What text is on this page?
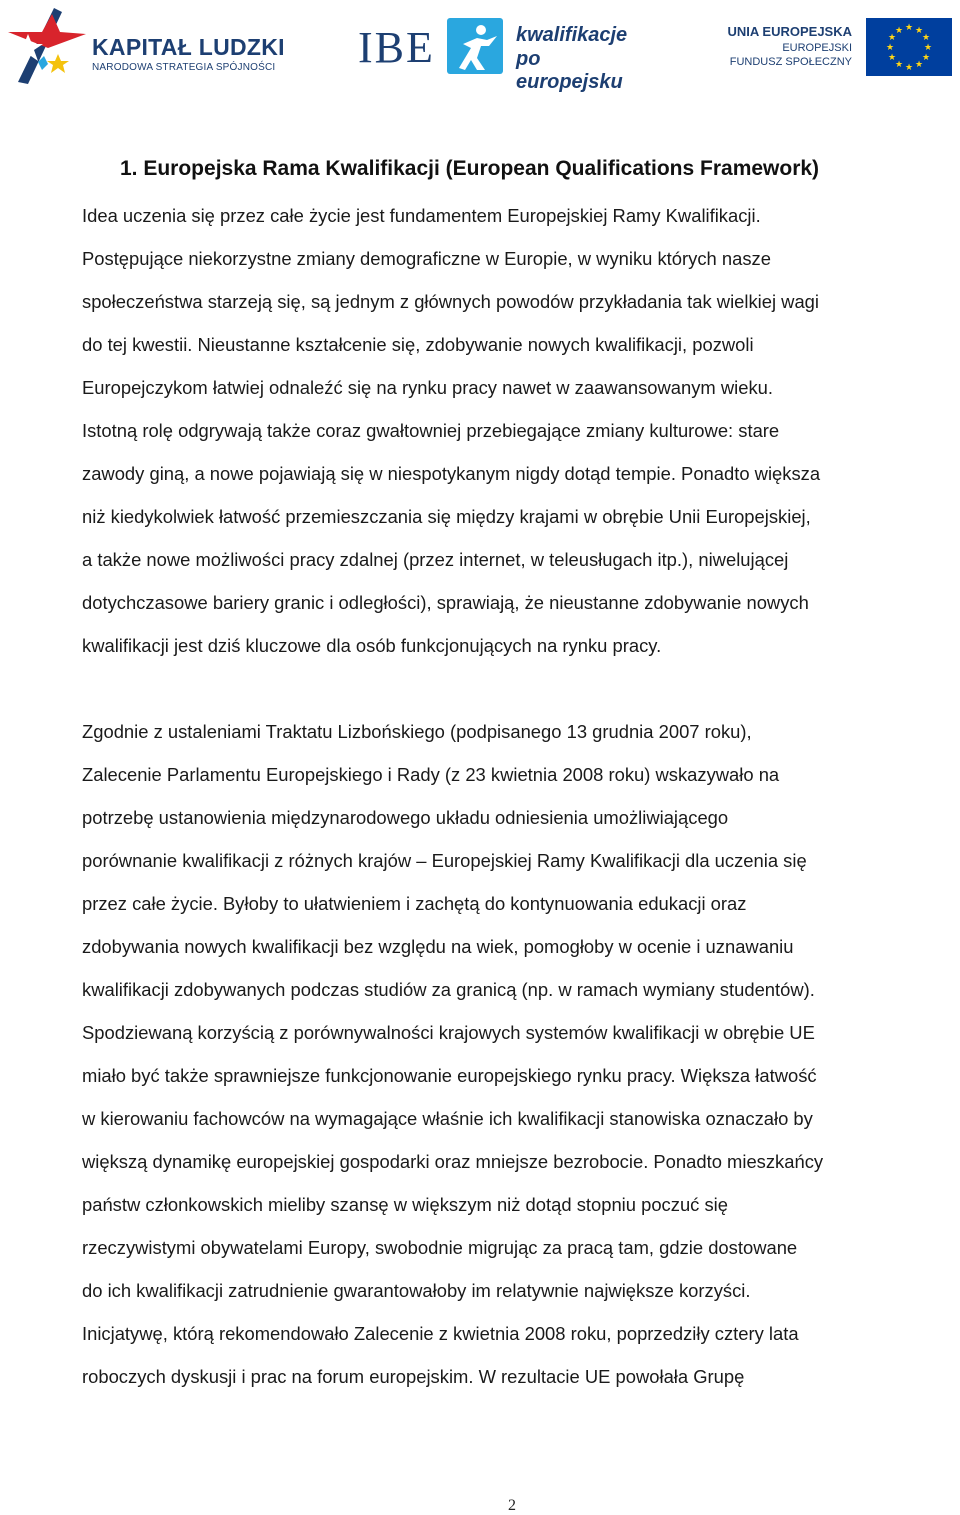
KAPITAŁ LUDZKI
NARODOWA STRATEGIA SPÓJNOŚCI IBE	kwalifikacje
po europejsku
UNIA EUROPEJSKA
EUROPEJSKI
FUNDUSZ SPOŁECZNY
★ ★
★
★
★
★
★
★
★
★
★
★
1. Europejska Rama Kwalifikacji (European Qualifications Framework)
Idea uczenia się przez całe życie jest fundamentem Europejskiej Ramy Kwalifikacji.
Postępujące niekorzystne zmiany demograficzne w Europie, w wyniku których nasze
społeczeństwa starzeją się, są jednym z głównych powodów przykładania tak wielkiej wagi
do tej kwestii. Nieustanne kształcenie się, zdobywanie nowych kwalifikacji, pozwoli
Europejczykom łatwiej odnaleźć się na rynku pracy nawet w zaawansowanym wieku.
Istotną rolę odgrywają także coraz gwałtowniej przebiegające zmiany kulturowe: stare
zawody giną, a nowe pojawiają się w niespotykanym nigdy dotąd tempie. Ponadto większa
niż kiedykolwiek łatwość przemieszczania się między krajami w obrębie Unii Europejskiej,
a także nowe możliwości pracy zdalnej (przez internet, w teleusługach itp.), niwelującej
dotychczasowe bariery granic i odległości), sprawiają, że nieustanne zdobywanie nowych
kwalifikacji jest dziś kluczowe dla osób funkcjonujących na rynku pracy.
Zgodnie z ustaleniami Traktatu Lizbońskiego (podpisanego 13 grudnia 2007 roku),
Zalecenie Parlamentu Europejskiego i Rady (z 23 kwietnia 2008 roku) wskazywało na
potrzebę ustanowienia międzynarodowego układu odniesienia umożliwiającego
porównanie kwalifikacji z różnych krajów – Europejskiej Ramy Kwalifikacji dla uczenia się
przez całe życie. Byłoby to ułatwieniem i zachętą do kontynuowania edukacji oraz
zdobywania nowych kwalifikacji bez względu na wiek, pomogłoby w ocenie i uznawaniu
kwalifikacji zdobywanych podczas studiów za granicą (np. w ramach wymiany studentów).
Spodziewaną korzyścią z porównywalności krajowych systemów kwalifikacji w obrębie UE
miało być także sprawniejsze funkcjonowanie europejskiego rynku pracy. Większa łatwość
w kierowaniu fachowców na wymagające właśnie ich kwalifikacji stanowiska oznaczało by
większą dynamikę europejskiej gospodarki oraz mniejsze bezrobocie. Ponadto mieszkańcy
państw członkowskich mieliby szansę w większym niż dotąd stopniu poczuć się
rzeczywistymi obywatelami Europy, swobodnie migrując za pracą tam, gdzie dostowane
do ich kwalifikacji zatrudnienie gwarantowałoby im relatywnie największe korzyści.
Inicjatywę, którą rekomendowało Zalecenie z kwietnia 2008 roku, poprzedziły cztery lata
roboczych dyskusji i prac na forum europejskim. W rezultacie UE powołała Grupę
2
